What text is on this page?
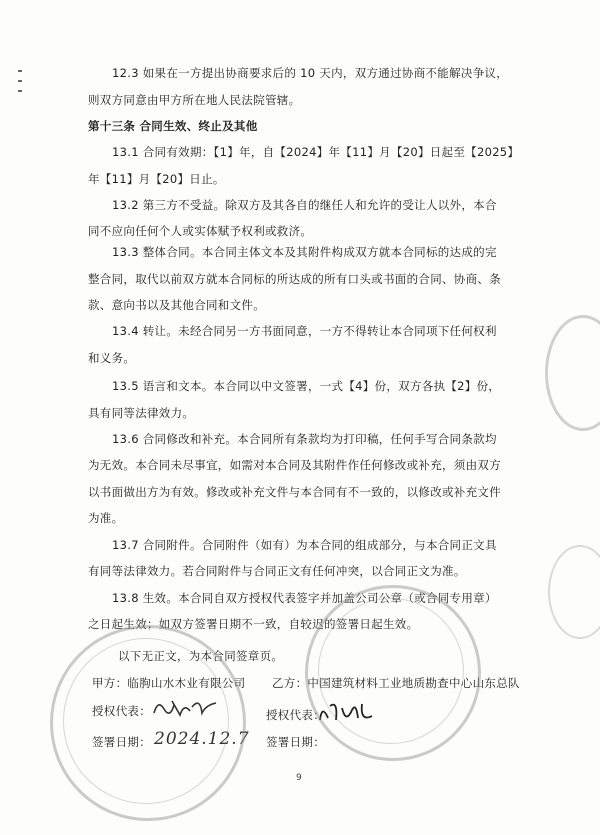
12.3 如果在一方提出协商要求后的 10 天内，双方通过协商不能解决争议，
则双方同意由甲方所在地人民法院管辖。
第十三条 合同生效、终止及其他
13.1 合同有效期：【1】年，自【2024】年【11】月【20】日起至【2025】
年【11】月【20】日止。
13.2 第三方不受益。除双方及其各自的继任人和允许的受让人以外，本合
同不应向任何个人或实体赋予权利或救济。
13.3 整体合同。本合同主体文本及其附件构成双方就本合同标的达成的完
整合同，取代以前双方就本合同标的所达成的所有口头或书面的合同、协商、条
款、意向书以及其他合同和文件。
13.4 转让。未经合同另一方书面同意，一方不得转让本合同项下任何权利
和义务。
13.5 语言和文本。本合同以中文签署，一式【4】份，双方各执【2】份，
具有同等法律效力。
13.6 合同修改和补充。本合同所有条款均为打印稿，任何手写合同条款均
为无效。本合同未尽事宜，如需对本合同及其附件作任何修改或补充，须由双方
以书面做出方为有效。修改或补充文件与本合同有不一致的，以修改或补充文件
为准。
13.7 合同附件。合同附件（如有）为本合同的组成部分，与本合同正文具
有同等法律效力。若合同附件与合同正文有任何冲突，以合同正文为准。
13.8 生效。本合同自双方授权代表签字并加盖公司公章（或合同专用章）
之日起生效；如双方签署日期不一致，自较迟的签署日起生效。
以下无正文，为本合同签章页。
甲方：临朐山水木业有限公司 乙方：中国建筑材料工业地质勘查中心山东总队
授权代表：	授权代表：
签署日期：	签署日期：
2024.12.7
9
